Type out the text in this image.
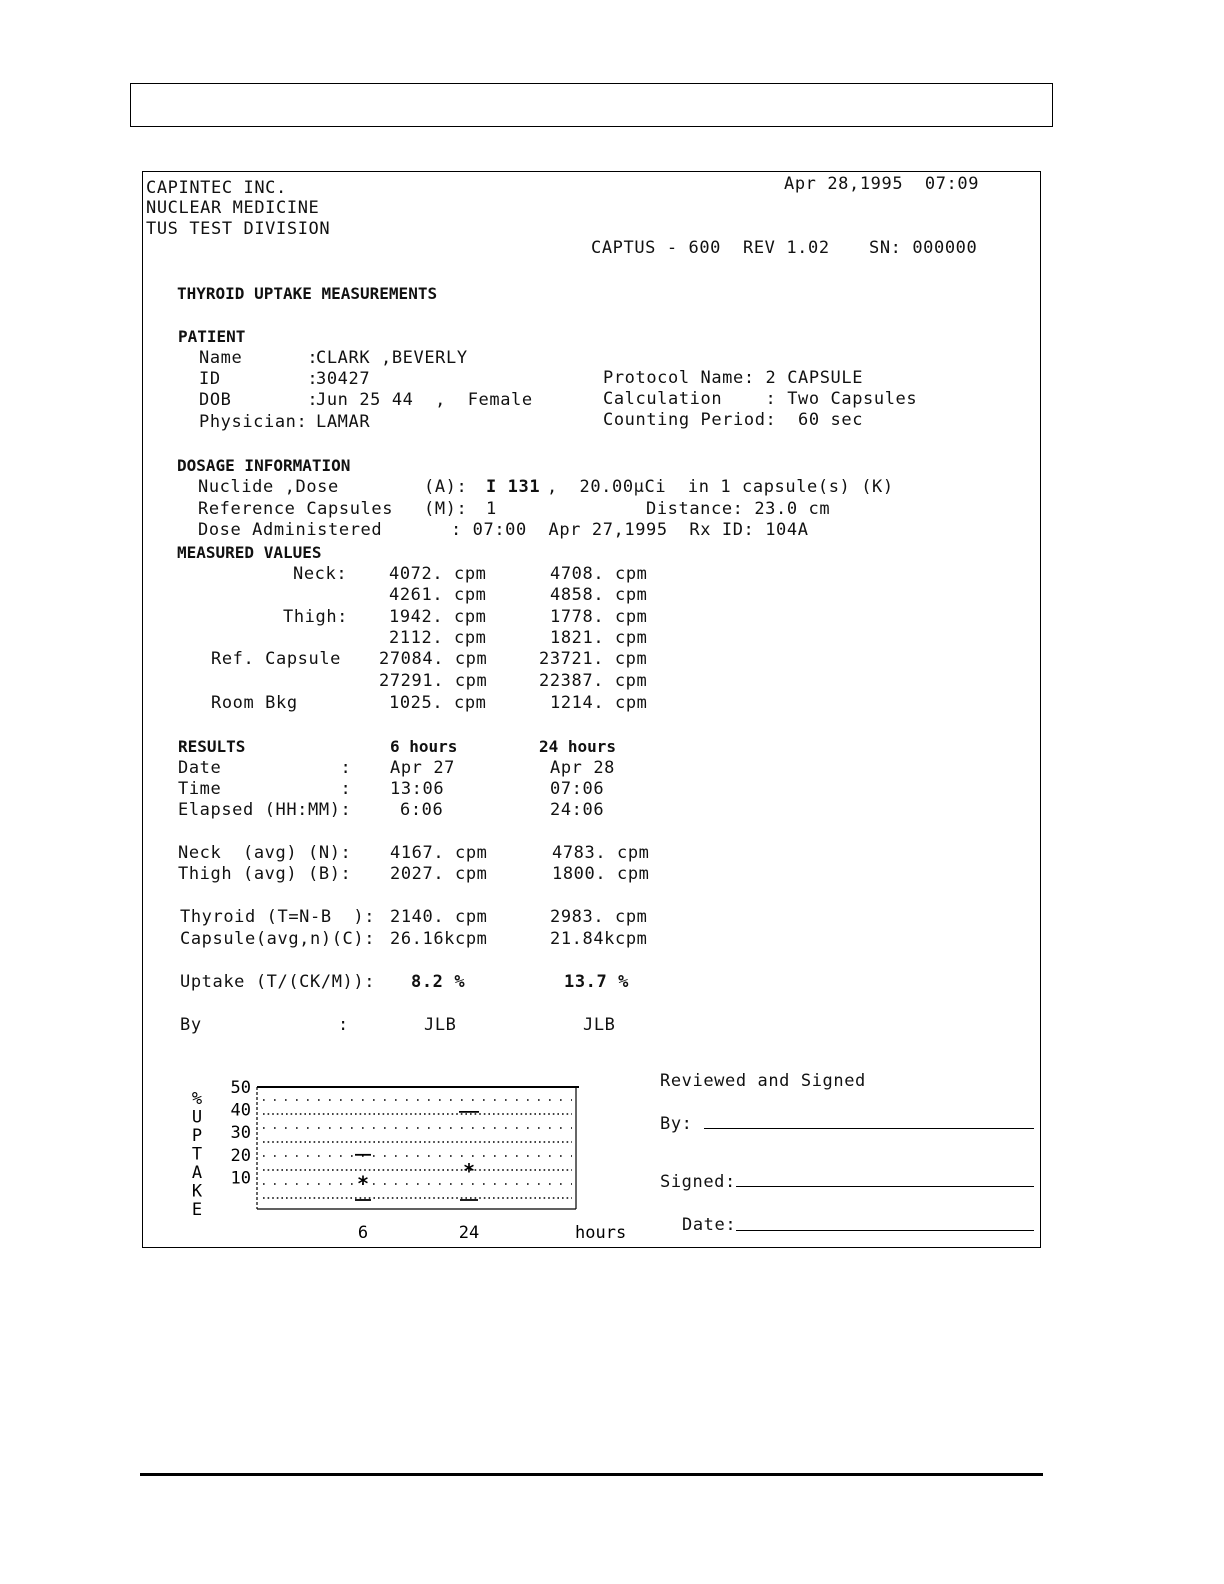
CAPINTEC INC.
NUCLEAR MEDICINE
TUS TEST DIVISION
Apr 28,1995  07:09
CAPTUS - 600 REV 1.02 SN: 000000
THYROID UPTAKE MEASUREMENTS
PATIENT
Name      :
CLARK ,BEVERLY
ID        :
30427
DOB       :
Jun 25 44  ,  Female
Physician: LAMAR
Protocol Name: 2 CAPSULE
Calculation    : Two Capsules
Counting Period:  60 sec
DOSAGE INFORMATION
Nuclide ,Dose	(A): I 131 ,  20.00µCi  in 1 capsule(s) (K)
Reference Capsules (M): 1	Distance: 23.0 cm
Dose Administered	: 07:00  Apr 27,1995  Rx ID: 104A
MEASURED VALUES
Neck: 4072. cpm	4708. cpm
4261. cpm	4858. cpm
Thigh: 1942. cpm	1778. cpm
2112. cpm	1821. cpm
Ref. Capsule 27084. cpm	23721. cpm
27291. cpm	22387. cpm
Room Bkg	1025. cpm	1214. cpm
RESULTS	6 hours	24 hours
Date           : Apr 27	Apr 28
Time           : 13:06	07:06
Elapsed (HH:MM):	6:06	24:06
Neck  (avg) (N): 4167. cpm	4783. cpm
Thigh (avg) (B): 2027. cpm	1800. cpm
Thyroid (T=N-B  ): 2140. cpm	2983. cpm
Capsule(avg,n)(C): 26.16kcpm	21.84kcpm
Uptake (T/(CK/M)): 8.2 %	13.7 %
By	:	JLB	JLB
50
40
30
20
10
%
U
P
T
A
K
E
*
*
6	24	hours
Reviewed and Signed
By:
Signed:
Date:
